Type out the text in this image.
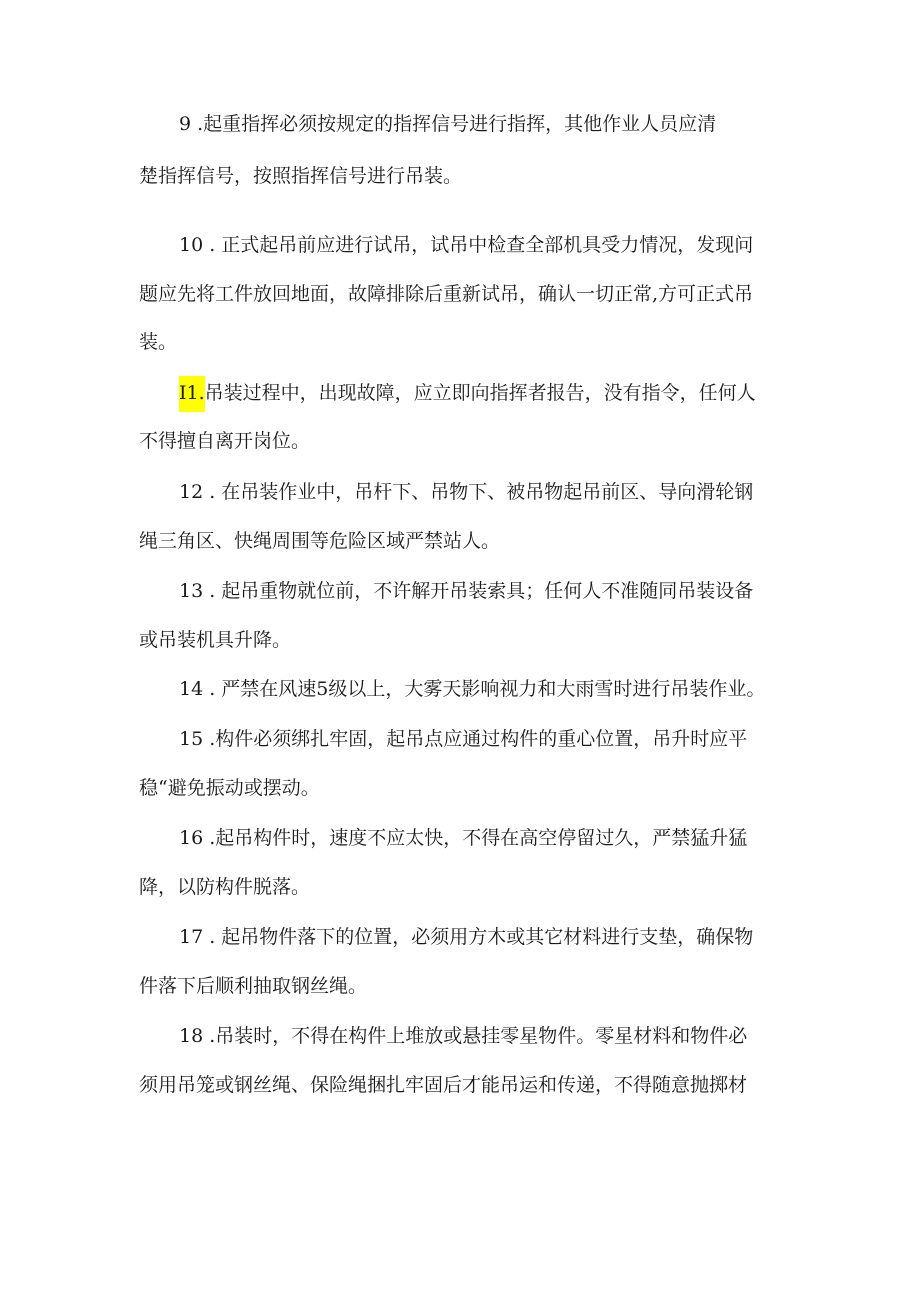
9 .起重指挥必须按规定的指挥信号进行指挥，其他作业人员应清
楚指挥信号，按照指挥信号进行吊装。
10 . 正式起吊前应进行试吊，试吊中检查全部机具受力情况，发现问
题应先将工件放回地面，故障排除后重新试吊，确认一切正常,方可正式吊
装。
I1.吊装过程中，出现故障，应立即向指挥者报告，没有指令，任何人
不得擅自离开岗位。
12 . 在吊装作业中，吊杆下、吊物下、被吊物起吊前区、导向滑轮钢
绳三角区、快绳周围等危险区域严禁站人。
13 . 起吊重物就位前，不许解开吊装索具；任何人不准随同吊装设备
或吊装机具升降。
14 . 严禁在风速5级以上，大雾天影响视力和大雨雪时进行吊装作业。
15 .构件必须绑扎牢固，起吊点应通过构件的重心位置，吊升时应平
稳“避免振动或摆动。
16 .起吊构件时，速度不应太快，不得在高空停留过久，严禁猛升猛
降，以防构件脱落。
17 . 起吊物件落下的位置，必须用方木或其它材料进行支垫，确保物
件落下后顺利抽取钢丝绳。
18 .吊装时，不得在构件上堆放或悬挂零星物件。零星材料和物件必
须用吊笼或钢丝绳、保险绳捆扎牢固后才能吊运和传递，不得随意抛掷材
